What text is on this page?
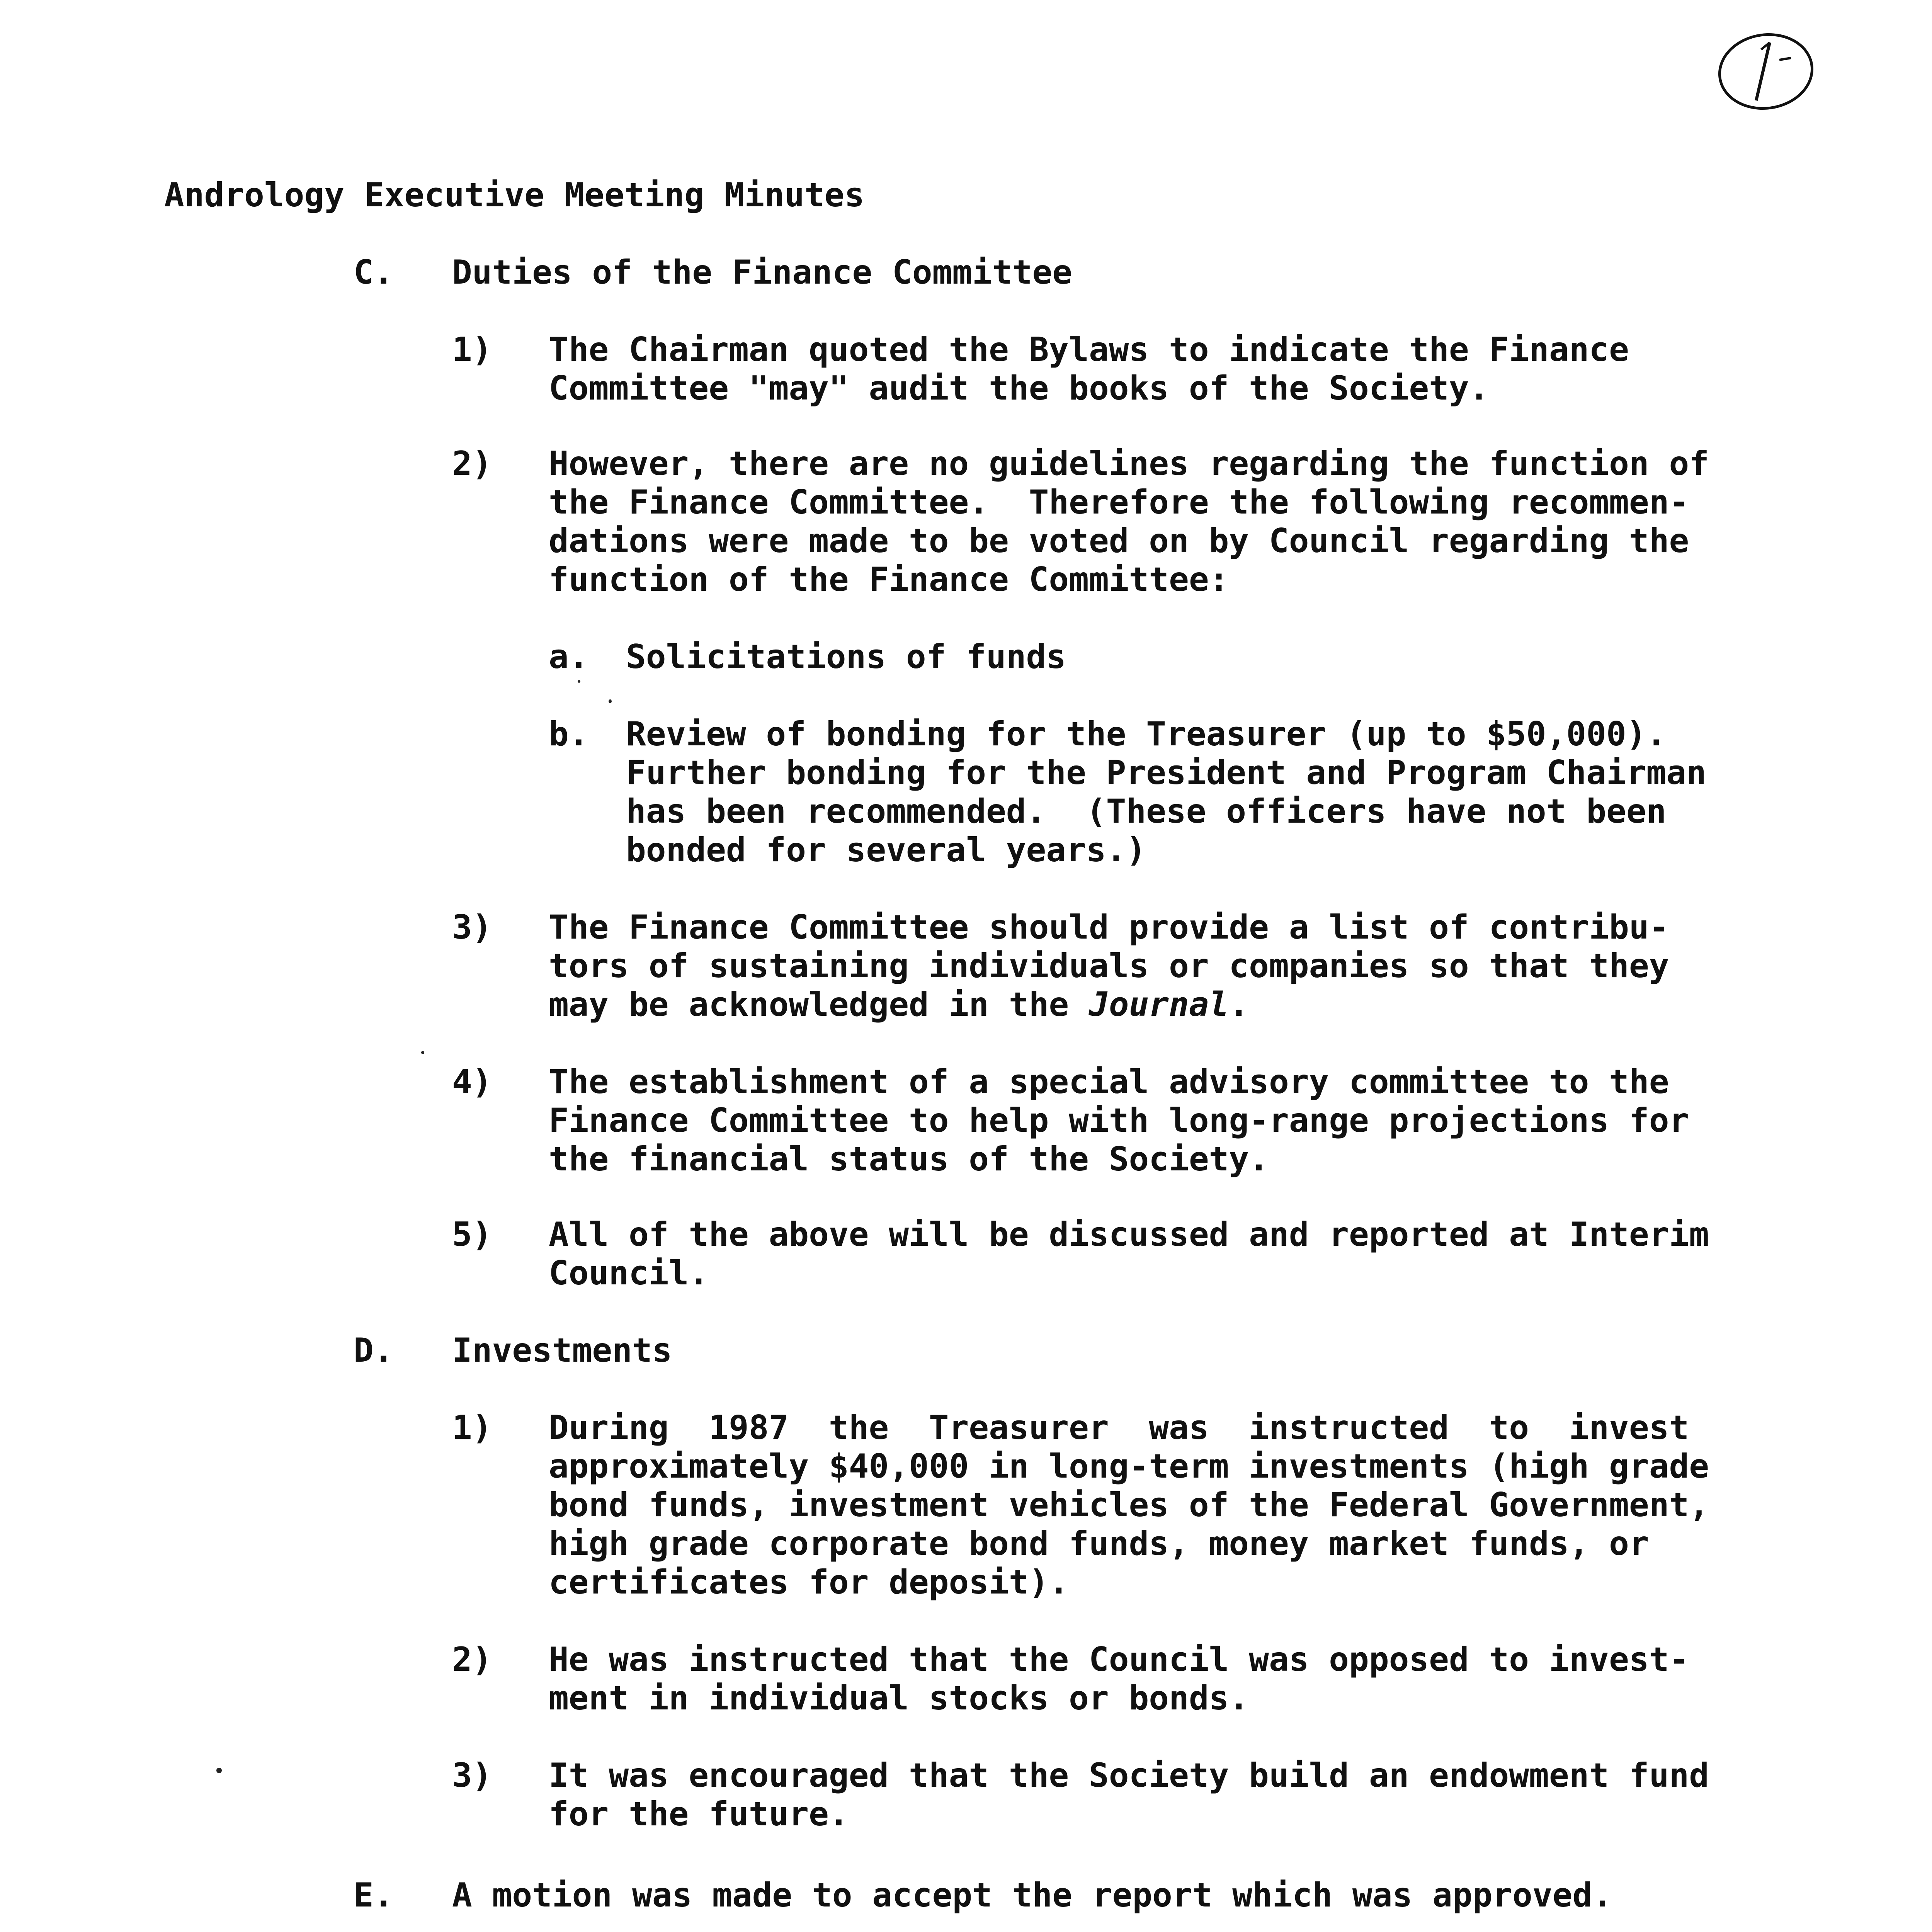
Andrology Executive Meeting Minutes
C. Duties of the Finance Committee
1) The Chairman quoted the Bylaws to indicate the Finance
Committee "may" audit the books of the Society.
2) However, there are no guidelines regarding the function of
the Finance Committee.  Therefore the following recommen-
dations were made to be voted on by Council regarding the
function of the Finance Committee:
a. Solicitations of funds
b. Review of bonding for the Treasurer (up to $50,000).
Further bonding for the President and Program Chairman
has been recommended.  (These officers have not been
bonded for several years.)
3) The Finance Committee should provide a list of contribu-
tors of sustaining individuals or companies so that they
may be acknowledged in the Journal.
4) The establishment of a special advisory committee to the
Finance Committee to help with long-range projections for
the financial status of the Society.
5) All of the above will be discussed and reported at Interim
Council.
D. Investments
1) During  1987  the  Treasurer  was  instructed  to  invest
approximately $40,000 in long-term investments (high grade
bond funds, investment vehicles of the Federal Government,
high grade corporate bond funds, money market funds, or
certificates for deposit).
2) He was instructed that the Council was opposed to invest-
ment in individual stocks or bonds.
3) It was encouraged that the Society build an endowment fund
for the future.
E. A motion was made to accept the report which was approved.
